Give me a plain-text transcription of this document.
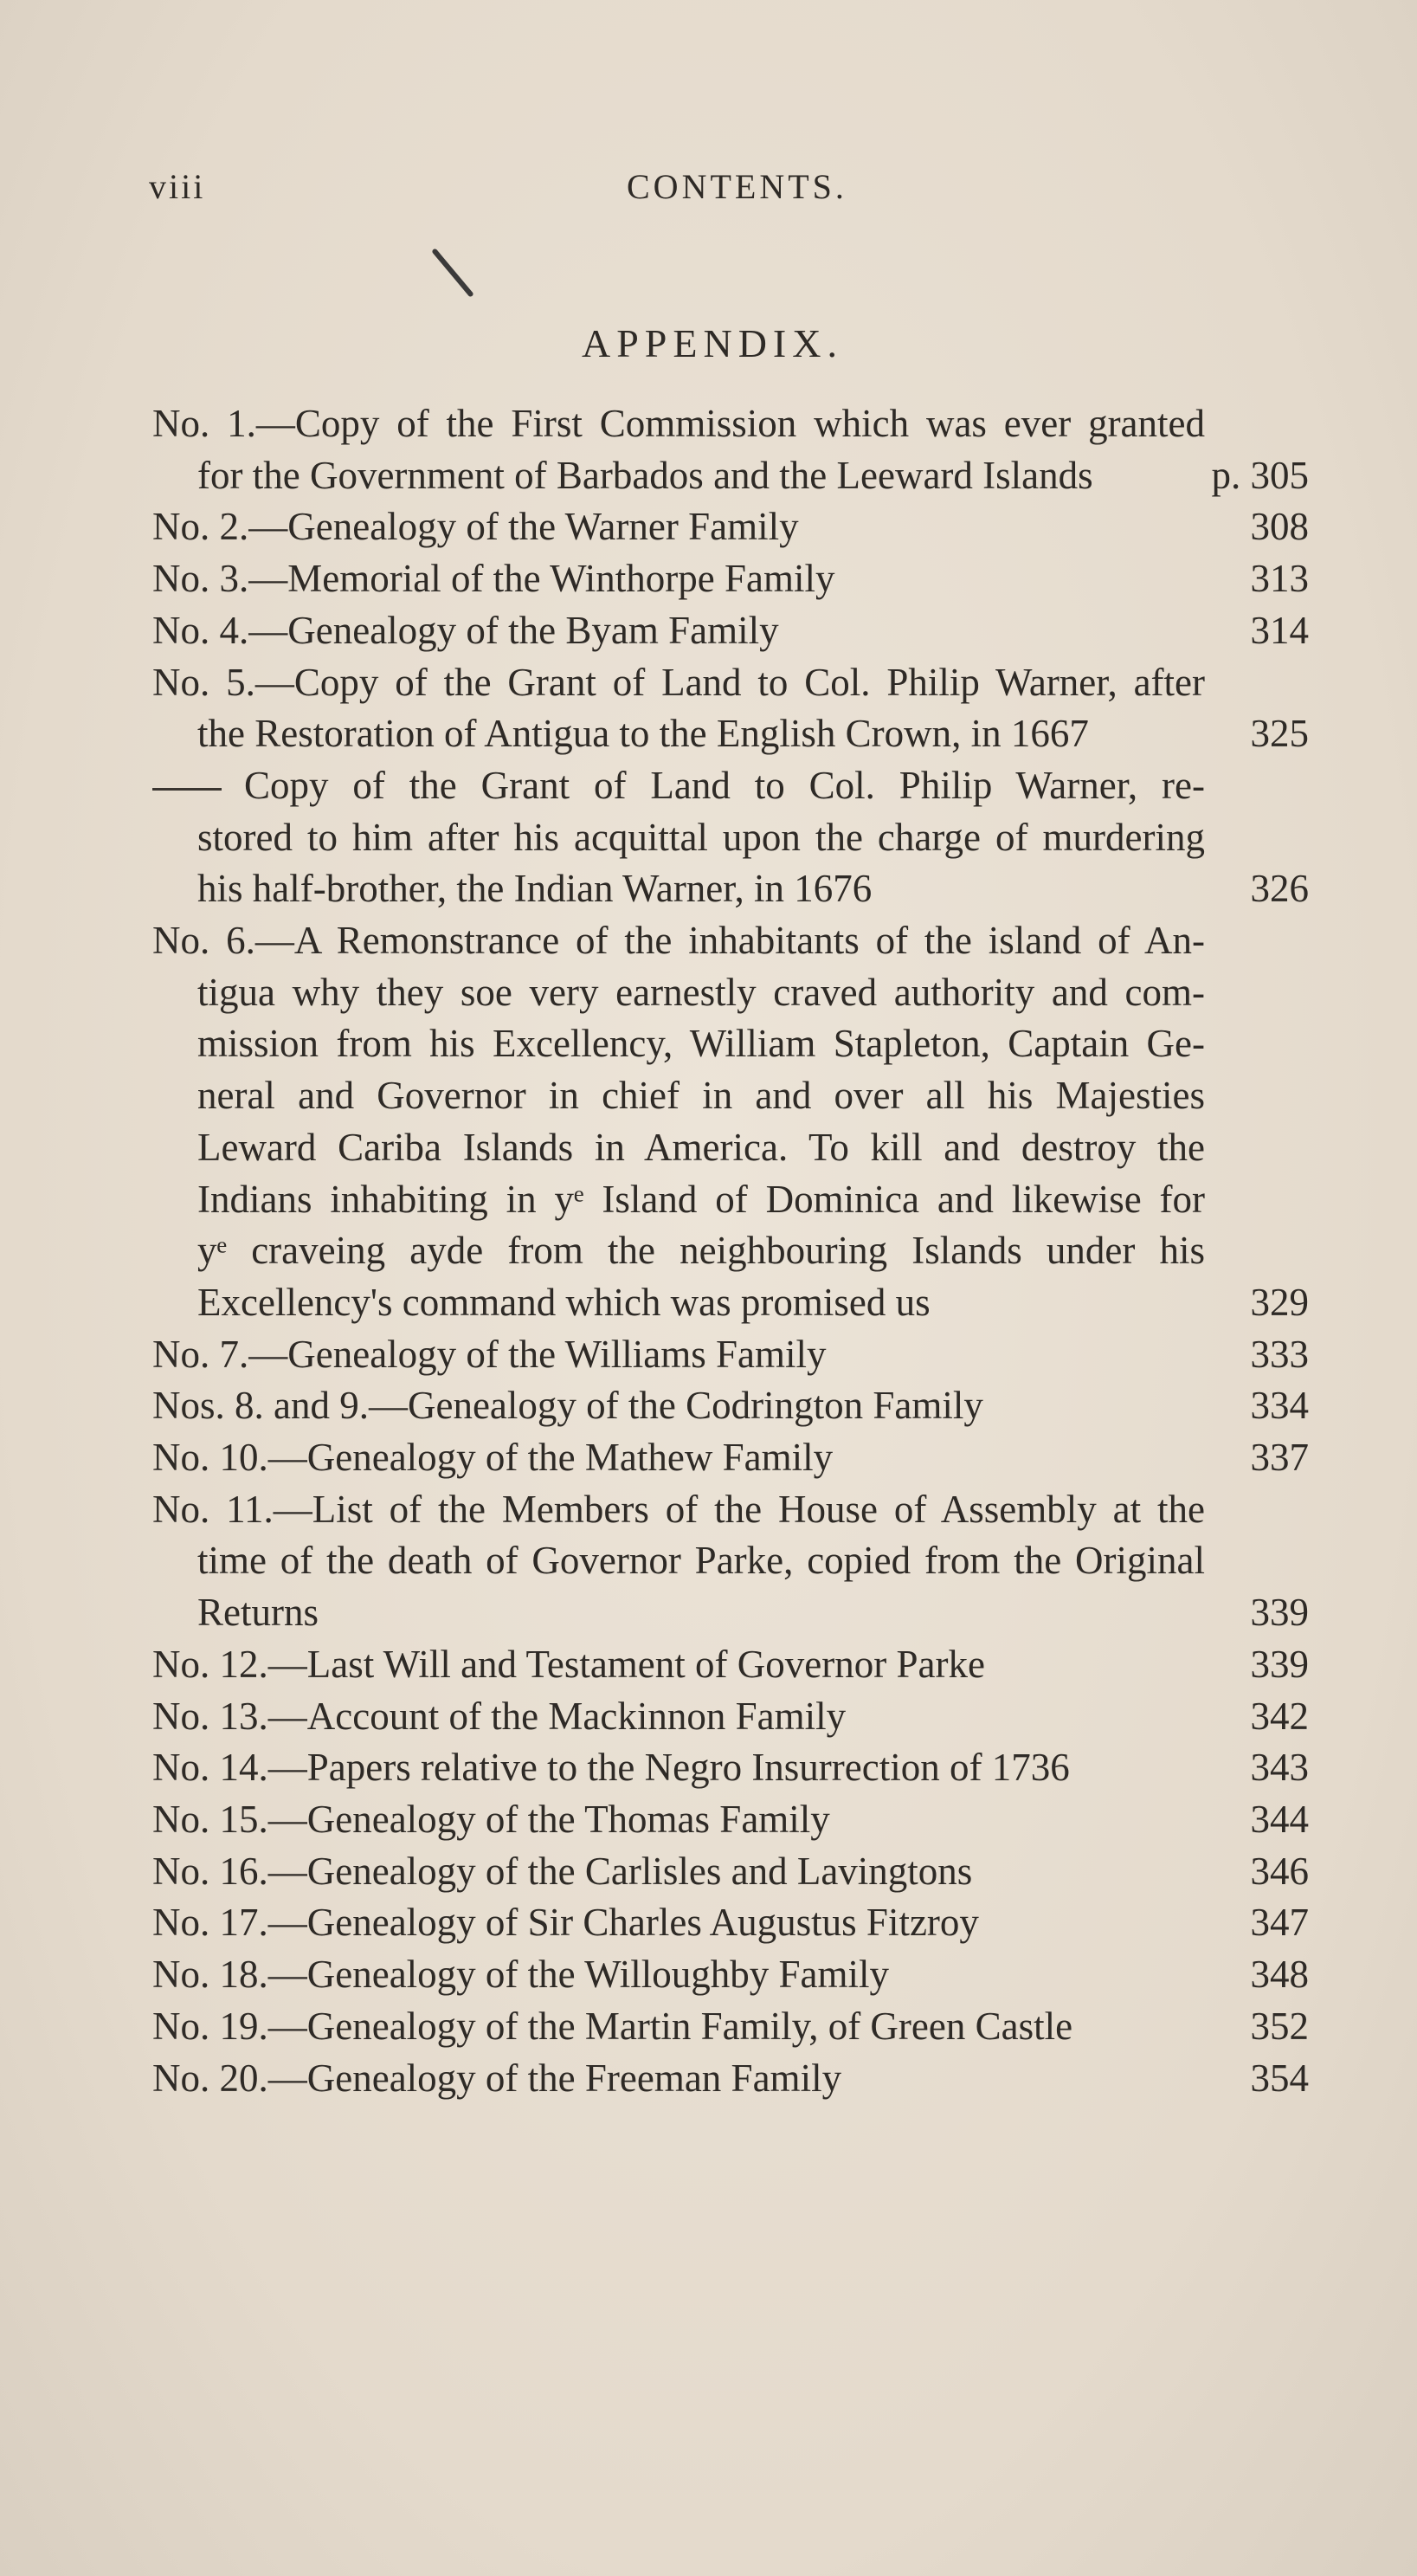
viii	CONTENTS.
APPENDIX.
No. 1.—Copy of the First Commission which was ever granted
for the Government of Barbados and the Leeward Islands	p. 305
No. 2.—Genealogy of the Warner Family	308
No. 3.—Memorial of the Winthorpe Family	313
No. 4.—Genealogy of the Byam Family	314
No. 5.—Copy of the Grant of Land to Col. Philip Warner, after
the Restoration of Antigua to the English Crown, in 1667	325
Copy of the Grant of Land to Col. Philip Warner, re-
stored to him after his acquittal upon the charge of murdering
his half-brother, the Indian Warner, in 1676	326
No. 6.—A Remonstrance of the inhabitants of the island of An-
tigua why they soe very earnestly craved authority and com-
mission from his Excellency, William Stapleton, Captain Ge-
neral and Governor in chief in and over all his Majesties
Leward Cariba Islands in America. To kill and destroy the
Indians inhabiting in yᵉ Island of Dominica and likewise for
yᵉ craveing ayde from the neighbouring Islands under his
Excellency's command which was promised us	329
No. 7.—Genealogy of the Williams Family	333
Nos. 8. and 9.—Genealogy of the Codrington Family	334
No. 10.—Genealogy of the Mathew Family	337
No. 11.—List of the Members of the House of Assembly at the
time of the death of Governor Parke, copied from the Original
Returns	339
No. 12.—Last Will and Testament of Governor Parke	339
No. 13.—Account of the Mackinnon Family	342
No. 14.—Papers relative to the Negro Insurrection of 1736	343
No. 15.—Genealogy of the Thomas Family	344
No. 16.—Genealogy of the Carlisles and Lavingtons	346
No. 17.—Genealogy of Sir Charles Augustus Fitzroy	347
No. 18.—Genealogy of the Willoughby Family	348
No. 19.—Genealogy of the Martin Family, of Green Castle	352
No. 20.—Genealogy of the Freeman Family	354
